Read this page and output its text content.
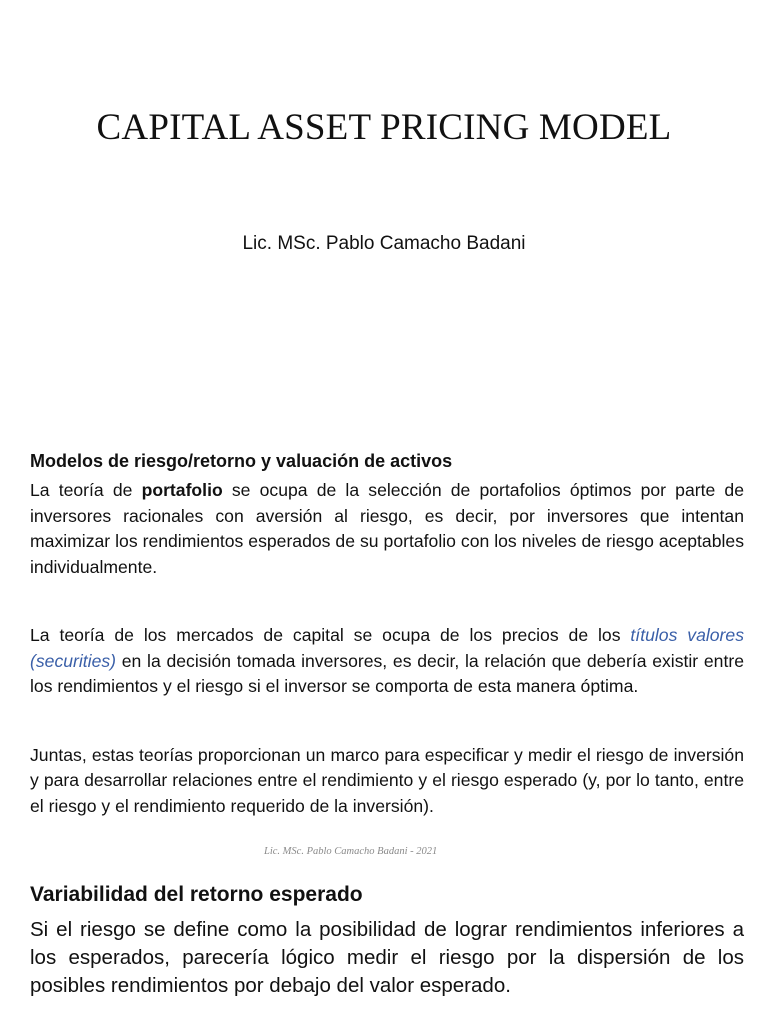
CAPITAL ASSET PRICING MODEL
Lic. MSc. Pablo Camacho Badani
Modelos de riesgo/retorno y valuación de activos

La teoría de portafolio se ocupa de la selección de portafolios óptimos por parte de inversores racionales con aversión al riesgo, es decir, por inversores que intentan maximizar los rendimientos esperados de su portafolio con los niveles de riesgo aceptables individualmente.

La teoría de los mercados de capital se ocupa de los precios de los títulos valores (securities) en la decisión tomada inversores, es decir, la relación que debería existir entre los rendimientos y el riesgo si el inversor se comporta de esta manera óptima.

Juntas, estas teorías proporcionan un marco para especificar y medir el riesgo de inversión y para desarrollar relaciones entre el rendimiento y el riesgo esperado (y, por lo tanto, entre el riesgo y el rendimiento requerido de la inversión).

Lic. MSc. Pablo Camacho Badani - 2021
Variabilidad del retorno esperado

Si el riesgo se define como la posibilidad de lograr rendimientos inferiores a los esperados, parecería lógico medir el riesgo por la dispersión de los posibles rendimientos por debajo del valor esperado.
